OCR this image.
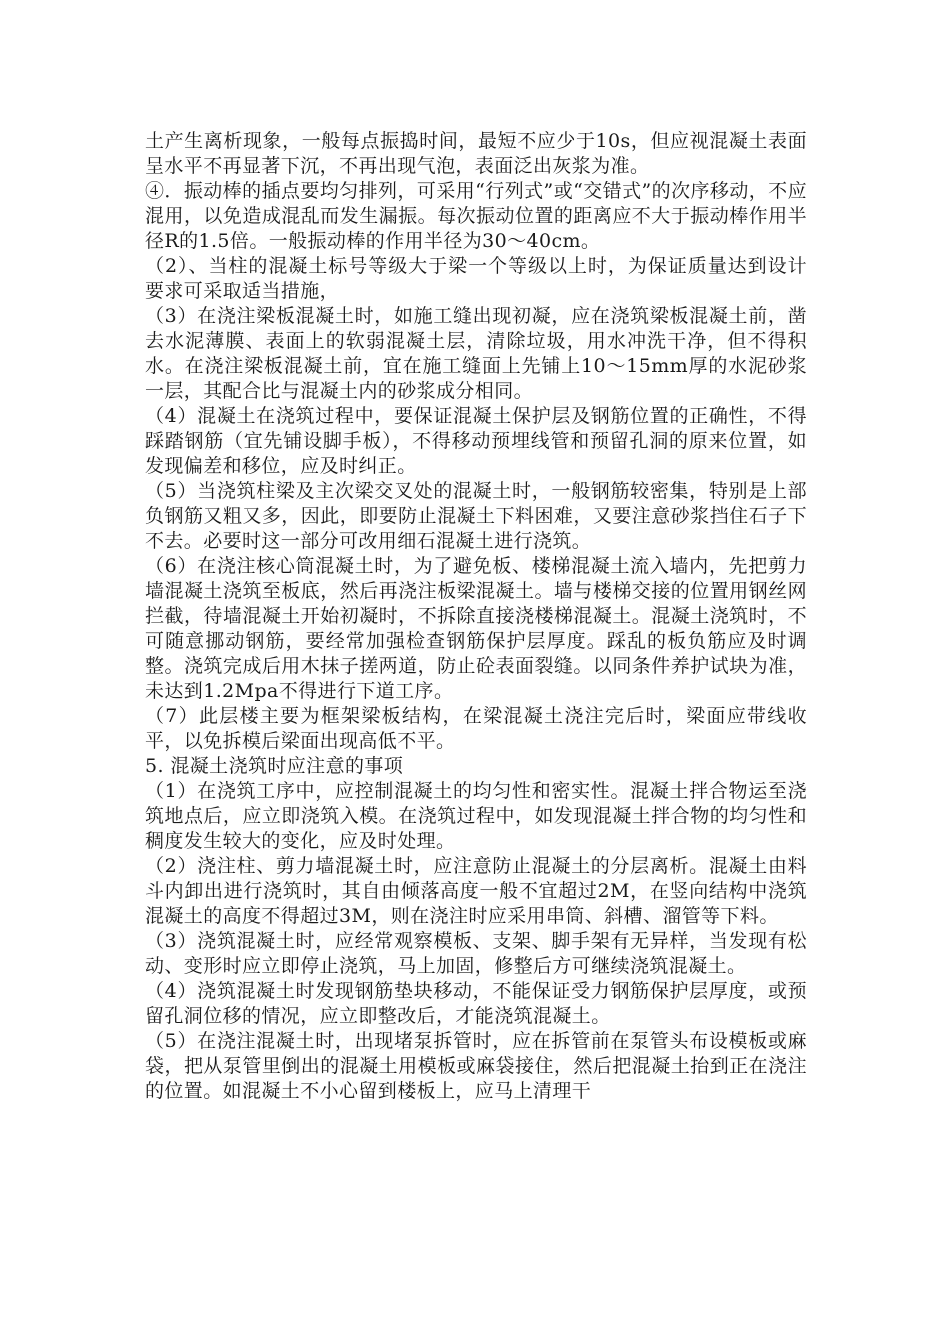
土产生离析现象，一般每点振捣时间，最短不应少于10s，但应视混凝土表面呈水平不再显著下沉，不再出现气泡，表面泛出灰浆为准。

④．振动棒的插点要均匀排列，可采用“行列式”或“交错式”的次序移动，不应混用，以免造成混乱而发生漏振。每次振动位置的距离应不大于振动棒作用半径R的1.5倍。一般振动棒的作用半径为30～40cm。

（2）、当柱的混凝土标号等级大于梁一个等级以上时，为保证质量达到设计要求可采取适当措施，

（3）在浇注梁板混凝土时，如施工缝出现初凝，应在浇筑梁板混凝土前，凿去水泥薄膜、表面上的软弱混凝土层，清除垃圾，用水冲洗干净，但不得积水。在浇注梁板混凝土前，宜在施工缝面上先铺上10～15mm厚的水泥砂浆一层，其配合比与混凝土内的砂浆成分相同。

（4）混凝土在浇筑过程中，要保证混凝土保护层及钢筋位置的正确性，不得踩踏钢筋（宜先铺设脚手板），不得移动预埋线管和预留孔洞的原来位置，如发现偏差和移位，应及时纠正。

（5）当浇筑柱梁及主次梁交叉处的混凝土时，一般钢筋较密集，特别是上部负钢筋又粗又多，因此，即要防止混凝土下料困难，又要注意砂浆挡住石子下不去。必要时这一部分可改用细石混凝土进行浇筑。

（6）在浇注核心筒混凝土时，为了避免板、楼梯混凝土流入墙内，先把剪力墙混凝土浇筑至板底，然后再浇注板梁混凝土。墙与楼梯交接的位置用钢丝网拦截，待墙混凝土开始初凝时，不拆除直接浇楼梯混凝土。混凝土浇筑时，不可随意挪动钢筋，要经常加强检查钢筋保护层厚度。踩乱的板负筋应及时调整。浇筑完成后用木抹子搓两道，防止砼表面裂缝。以同条件养护试块为准，未达到1.2Mpa不得进行下道工序。

（7）此层楼主要为框架梁板结构，在梁混凝土浇注完后时，梁面应带线收平，以免拆模后梁面出现高低不平。

5. 混凝土浇筑时应注意的事项

（1）在浇筑工序中，应控制混凝土的均匀性和密实性。混凝土拌合物运至浇筑地点后，应立即浇筑入模。在浇筑过程中，如发现混凝土拌合物的均匀性和稠度发生较大的变化，应及时处理。

（2）浇注柱、剪力墙混凝土时，应注意防止混凝土的分层离析。混凝土由料斗内卸出进行浇筑时，其自由倾落高度一般不宜超过2M，在竖向结构中浇筑混凝土的高度不得超过3M，则在浇注时应采用串筒、斜槽、溜管等下料。

（3）浇筑混凝土时，应经常观察模板、支架、脚手架有无异样，当发现有松动、变形时应立即停止浇筑，马上加固，修整后方可继续浇筑混凝土。

（4）浇筑混凝土时发现钢筋垫块移动，不能保证受力钢筋保护层厚度，或预留孔洞位移的情况，应立即整改后，才能浇筑混凝土。

（5）在浇注混凝土时，出现堵泵拆管时，应在拆管前在泵管头布设模板或麻袋，把从泵管里倒出的混凝土用模板或麻袋接住，然后把混凝土抬到正在浇注的位置。如混凝土不小心留到楼板上，应马上清理干
